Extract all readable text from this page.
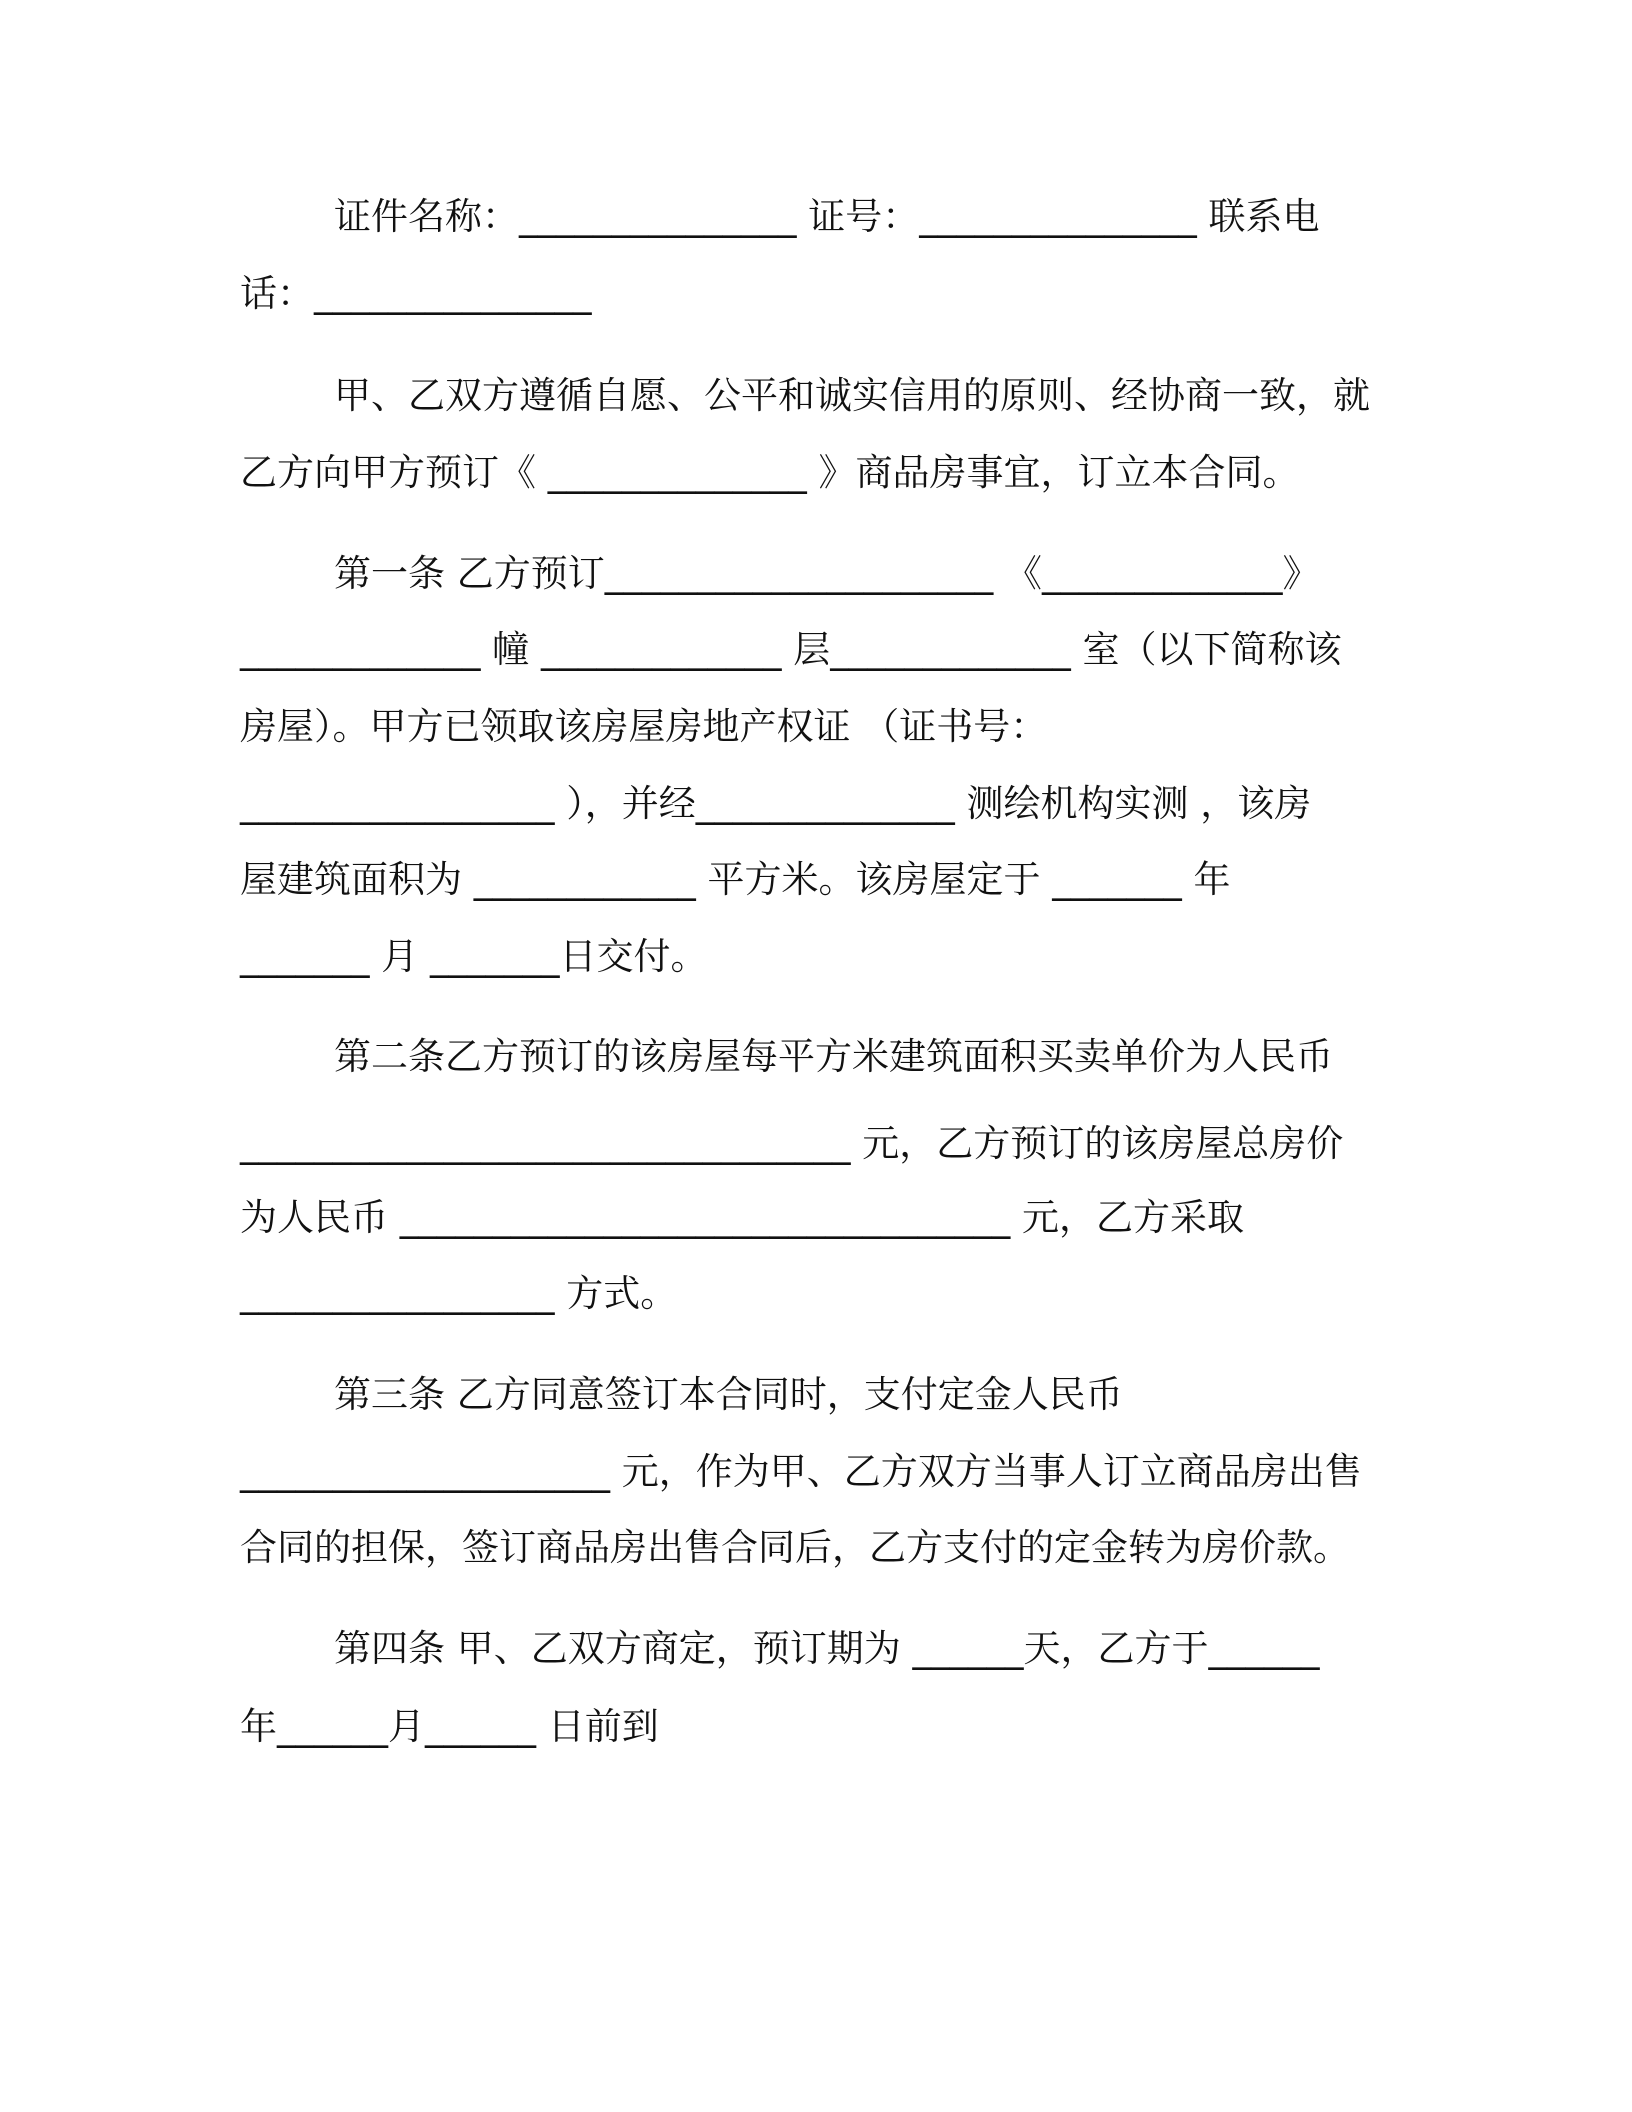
证件名称：_______________ 证号：_______________ 联系电
话：_______________
甲、乙双方遵循自愿、公平和诚实信用的原则、经协商一致，就
乙方向甲方预订《 ______________ 》商品房事宜，订立本合同。
第一条 乙方预订_____________________ 《_____________》
_____________ 幢 _____________ 层_____________ 室（以下简称该
房屋）。甲方已领取该房屋房地产权证 （证书号：
_________________ ），并经______________ 测绘机构实测 ，该房
屋建筑面积为 ____________ 平方米。该房屋定于 _______ 年
_______ 月 _______日交付。
第二条乙方预订的该房屋每平方米建筑面积买卖单价为人民币
_________________________________ 元，乙方预订的该房屋总房价
为人民币 _________________________________ 元，乙方采取
_________________ 方式。
第三条 乙方同意签订本合同时，支付定金人民币
____________________ 元，作为甲、乙方双方当事人订立商品房出售
合同的担保，签订商品房出售合同后，乙方支付的定金转为房价款。
第四条 甲、乙双方商定，预订期为 ______天，乙方于______
年______月______ 日前到
